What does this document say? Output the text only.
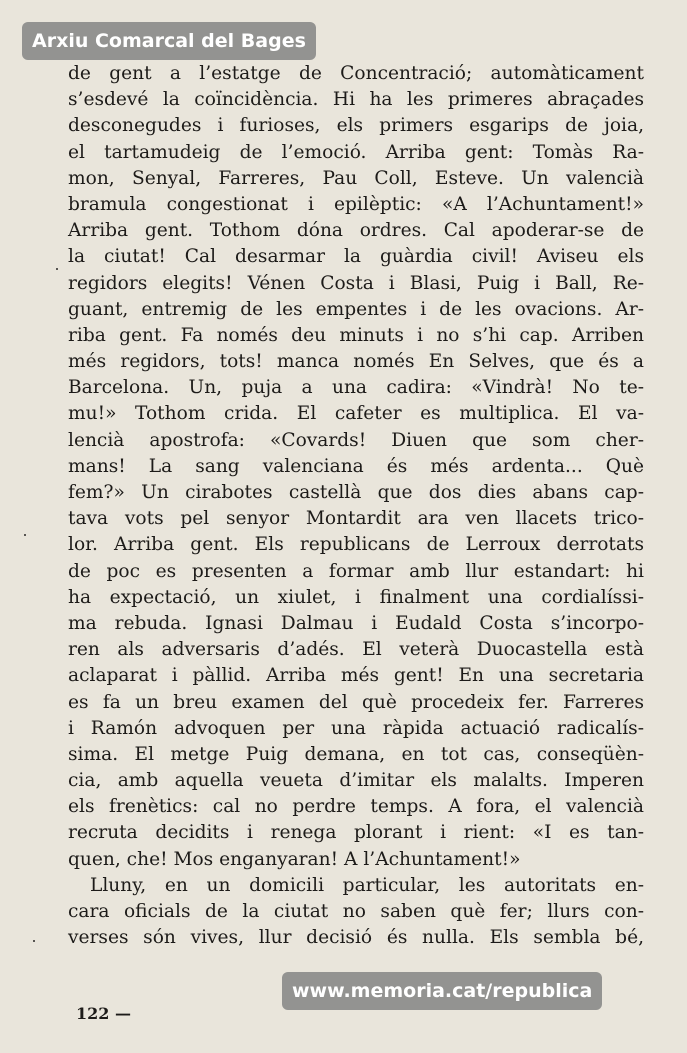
de gent a l’estatge de Concentració; automàticament
s’esdevé la coïncidència. Hi ha les primeres abraçades
desconegudes i furioses, els primers esgarips de joia,
el tartamudeig de l’emoció. Arriba gent: Tomàs Ra-
mon, Senyal, Farreres, Pau Coll, Esteve. Un valencià
bramula congestionat i epilèptic: «A l’Achuntament!»
Arriba gent. Tothom dóna ordres. Cal apoderar-se de
la ciutat! Cal desarmar la guàrdia civil! Aviseu els
regidors elegits! Vénen Costa i Blasi, Puig i Ball, Re-
guant, entremig de les empentes i de les ovacions. Ar-
riba gent. Fa només deu minuts i no s’hi cap. Arriben
més regidors, tots! manca només En Selves, que és a
Barcelona. Un, puja a una cadira: «Vindrà! No te-
mu!» Tothom crida. El cafeter es multiplica. El va-
lencià apostrofa: «Covards! Diuen que som cher-
mans! La sang valenciana és més ardenta... Què
fem?» Un cirabotes castellà que dos dies abans cap-
tava vots pel senyor Montardit ara ven llacets trico-
lor. Arriba gent. Els republicans de Lerroux derrotats
de poc es presenten a formar amb llur estandart: hi
ha expectació, un xiulet, i finalment una cordialíssi-
ma rebuda. Ignasi Dalmau i Eudald Costa s’incorpo-
ren als adversaris d’adés. El veterà Duocastella està
aclaparat i pàllid. Arriba més gent! En una secretaria
es fa un breu examen del què procedeix fer. Farreres
i Ramón advoquen per una ràpida actuació radicalís-
sima. El metge Puig demana, en tot cas, conseqüèn-
cia, amb aquella veueta d’imitar els malalts. Imperen
els frenètics: cal no perdre temps. A fora, el valencià
recruta decidits i renega plorant i rient: «I es tan-
quen, che! Mos enganyaran! A l’Achuntament!»
Lluny, en un domicili particular, les autoritats en-
cara oficials de la ciutat no saben què fer; llurs con-
verses són vives, llur decisió és nulla. Els sembla bé,
122 —
Arxiu Comarcal del Bages
www.memoria.cat/republica
